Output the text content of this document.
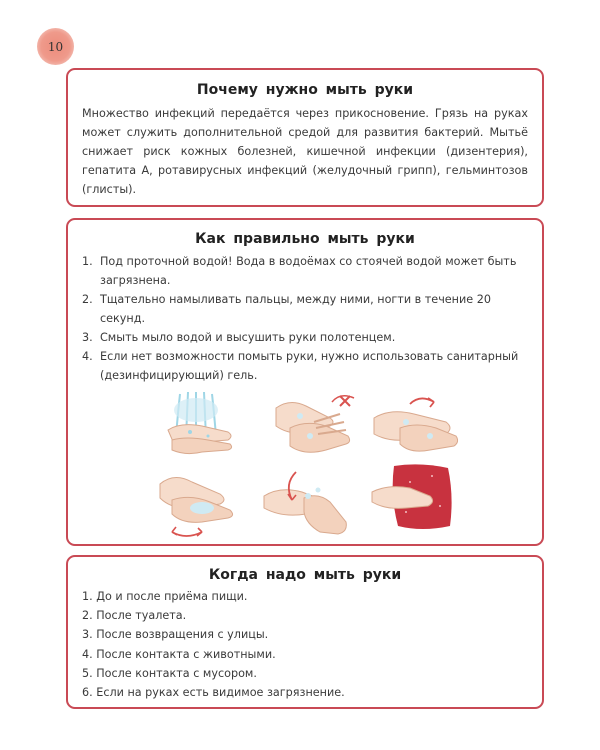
10
Почему нужно мыть руки

Множество инфекций передаётся через прикосновение. Грязь на руках может служить дополнительной средой для развития бактерий. Мытьё снижает риск кожных болезней, кишечной инфекции (дизентерия), гепатита А, ротавирусных инфекций (желудочный грипп), гельминтозов (глисты).

Как правильно мыть руки
1. Под проточной водой! Вода в водоёмах со стоячей водой может быть загрязнена.
2. Тщательно намыливать пальцы, между ними, ногти в течение 20 секунд.
3. Смыть мыло водой и высушить руки полотенцем.
4. Если нет возможности помыть руки, нужно использовать санитарный (дезинфицирующий) гель.
Когда надо мыть руки
1. До и после приёма пищи.
2. После туалета.
3. После возвращения с улицы.
4. После контакта с животными.
5. После контакта с мусором.
6. Если на руках есть видимое загрязнение.
